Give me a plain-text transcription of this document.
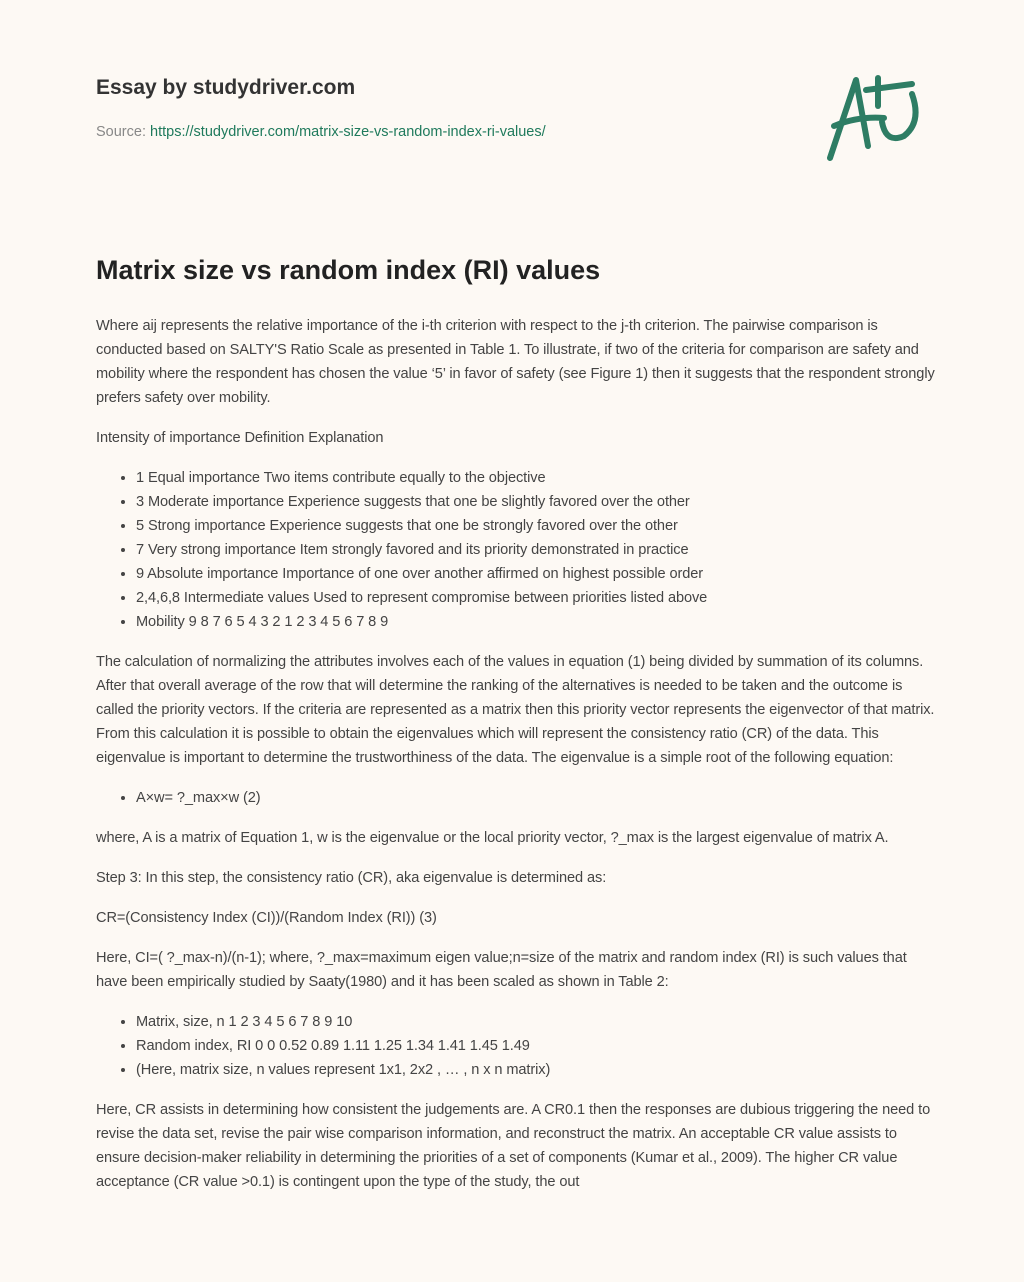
Essay by studydriver.com
Source: https://studydriver.com/matrix-size-vs-random-index-ri-values/
Matrix size vs random index (RI) values

Where aij represents the relative importance of the i-th criterion with respect to the j-th criterion. The pairwise comparison is conducted based on SALTY'S Ratio Scale as presented in Table 1. To illustrate, if two of the criteria for comparison are safety and mobility where the respondent has chosen the value ‘5’ in favor of safety (see Figure 1) then it suggests that the respondent strongly prefers safety over mobility.

Intensity of importance Definition Explanation

• 1 Equal importance Two items contribute equally to the objective
• 3 Moderate importance Experience suggests that one be slightly favored over the other
• 5 Strong importance Experience suggests that one be strongly favored over the other
• 7 Very strong importance Item strongly favored and its priority demonstrated in practice
• 9 Absolute importance Importance of one over another affirmed on highest possible order
• 2,4,6,8 Intermediate values Used to represent compromise between priorities listed above
• Mobility 9 8 7 6 5 4 3 2 1 2 3 4 5 6 7 8 9

The calculation of normalizing the attributes involves each of the values in equation (1) being divided by summation of its columns. After that overall average of the row that will determine the ranking of the alternatives is needed to be taken and the outcome is called the priority vectors. If the criteria are represented as a matrix then this priority vector represents the eigenvector of that matrix. From this calculation it is possible to obtain the eigenvalues which will represent the consistency ratio (CR) of the data. This eigenvalue is important to determine the trustworthiness of the data. The eigenvalue is a simple root of the following equation:

• A×w= ?_max×w (2)

where, A is a matrix of Equation 1, w is the eigenvalue or the local priority vector, ?_max is the largest eigenvalue of matrix A.

Step 3: In this step, the consistency ratio (CR), aka eigenvalue is determined as:

CR=(Consistency Index (CI))/(Random Index (RI)) (3)

Here, CI=( ?_max-n)/(n-1); where, ?_max=maximum eigen value;n=size of the matrix and random index (RI) is such values that have been empirically studied by Saaty(1980) and it has been scaled as shown in Table 2:

• Matrix, size, n 1 2 3 4 5 6 7 8 9 10
• Random index, RI 0 0 0.52 0.89 1.11 1.25 1.34 1.41 1.45 1.49
• (Here, matrix size, n values represent 1x1, 2x2 , … , n x n matrix)

Here, CR assists in determining how consistent the judgements are. A CR0.1 then the responses are dubious triggering the need to revise the data set, revise the pair wise comparison information, and reconstruct the matrix. An acceptable CR value assists to ensure decision-maker reliability in determining the priorities of a set of components (Kumar et al., 2009). The higher CR value acceptance (CR value >0.1) is contingent upon the type of the study, the out
